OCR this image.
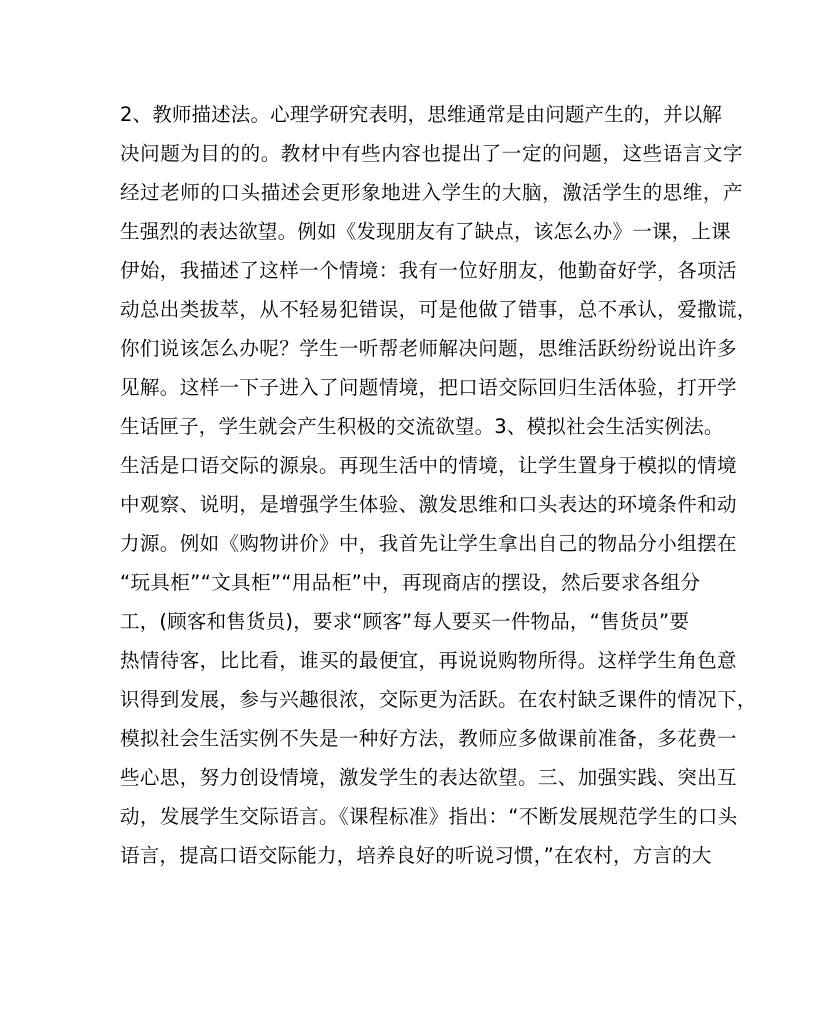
2、教师描述法。心理学研究表明，思维通常是由问题产生的，并以解

决问题为目的的。教材中有些内容也提出了一定的问题，这些语言文字

经过老师的口头描述会更形象地进入学生的大脑，激活学生的思维，产

生强烈的表达欲望。例如《发现朋友有了缺点，该怎么办》一课，上课

伊始，我描述了这样一个情境：我有一位好朋友，他勤奋好学，各项活

动总出类拔萃，从不轻易犯错误，可是他做了错事，总不承认，爱撒谎，

你们说该怎么办呢？学生一听帮老师解决问题，思维活跃纷纷说出许多

见解。这样一下子进入了问题情境，把口语交际回归生活体验，打开学

生话匣子，学生就会产生积极的交流欲望。3、模拟社会生活实例法。

生活是口语交际的源泉。再现生活中的情境，让学生置身于模拟的情境

中观察、说明，是增强学生体验、激发思维和口头表达的环境条件和动

力源。例如《购物讲价》中，我首先让学生拿出自己的物品分小组摆在

“玩具柜”“文具柜”“用品柜”中，再现商店的摆设，然后要求各组分

工，(顾客和售货员)，要求“顾客”每人要买一件物品，“售货员”要

热情待客，比比看，谁买的最便宜，再说说购物所得。这样学生角色意

识得到发展，参与兴趣很浓，交际更为活跃。在农村缺乏课件的情况下，

模拟社会生活实例不失是一种好方法，教师应多做课前准备，多花费一

些心思，努力创设情境，激发学生的表达欲望。三、加强实践、突出互

动，发展学生交际语言。《课程标准》指出：“不断发展规范学生的口头

语言，提高口语交际能力，培养良好的听说习惯，”在农村，方言的大
